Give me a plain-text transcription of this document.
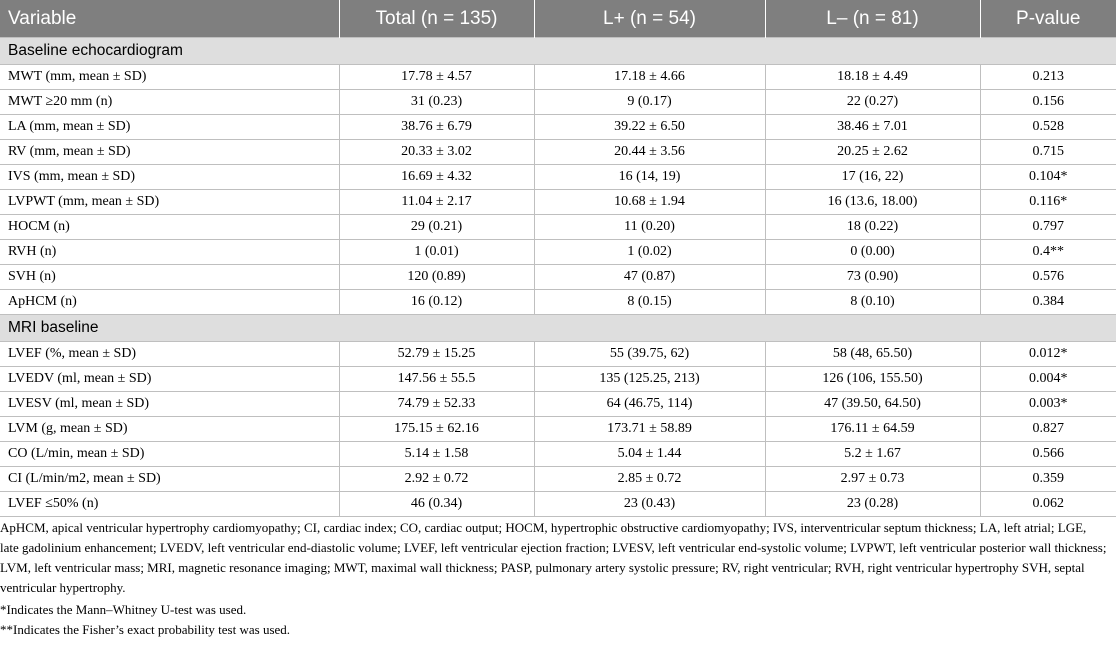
Variable	Total (n = 135)	L+ (n = 54)	L– (n = 81)	P-value
Baseline echocardiogram				
MWT (mm, mean ± SD)	17.78 ± 4.57	17.18 ± 4.66	18.18 ± 4.49	0.213
MWT ≥20 mm (n)	31 (0.23)	9 (0.17)	22 (0.27)	0.156
LA (mm, mean ± SD)	38.76 ± 6.79	39.22 ± 6.50	38.46 ± 7.01	0.528
RV (mm, mean ± SD)	20.33 ± 3.02	20.44 ± 3.56	20.25 ± 2.62	0.715
IVS (mm, mean ± SD)	16.69 ± 4.32	16 (14, 19)	17 (16, 22)	0.104*
LVPWT (mm, mean ± SD)	11.04 ± 2.17	10.68 ± 1.94	16 (13.6, 18.00)	0.116*
HOCM (n)	29 (0.21)	11 (0.20)	18 (0.22)	0.797
RVH (n)	1 (0.01)	1 (0.02)	0 (0.00)	0.4**
SVH (n)	120 (0.89)	47 (0.87)	73 (0.90)	0.576
ApHCM (n)	16 (0.12)	8 (0.15)	8 (0.10)	0.384
MRI baseline				
LVEF (%, mean ± SD)	52.79 ± 15.25	55 (39.75, 62)	58 (48, 65.50)	0.012*
LVEDV (ml, mean ± SD)	147.56 ± 55.5	135 (125.25, 213)	126 (106, 155.50)	0.004*
LVESV (ml, mean ± SD)	74.79 ± 52.33	64 (46.75, 114)	47 (39.50, 64.50)	0.003*
LVM (g, mean ± SD)	175.15 ± 62.16	173.71 ± 58.89	176.11 ± 64.59	0.827
CO (L/min, mean ± SD)	5.14 ± 1.58	5.04 ± 1.44	5.2 ± 1.67	0.566
CI (L/min/m2, mean ± SD)	2.92 ± 0.72	2.85 ± 0.72	2.97 ± 0.73	0.359
LVEF ≤50% (n)	46 (0.34)	23 (0.43)	23 (0.28)	0.062

ApHCM, apical ventricular hypertrophy cardiomyopathy; CI, cardiac index; CO, cardiac output; HOCM, hypertrophic obstructive cardiomyopathy; IVS, interventricular septum thickness; LA, left atrial; LGE, late gadolinium enhancement; LVEDV, left ventricular end-diastolic volume; LVEF, left ventricular ejection fraction; LVESV, left ventricular end-systolic volume; LVPWT, left ventricular posterior wall thickness; LVM, left ventricular mass; MRI, magnetic resonance imaging; MWT, maximal wall thickness; PASP, pulmonary artery systolic pressure; RV, right ventricular; RVH, right ventricular hypertrophy SVH, septal ventricular hypertrophy.

*Indicates the Mann–Whitney U-test was used.

**Indicates the Fisher’s exact probability test was used.
